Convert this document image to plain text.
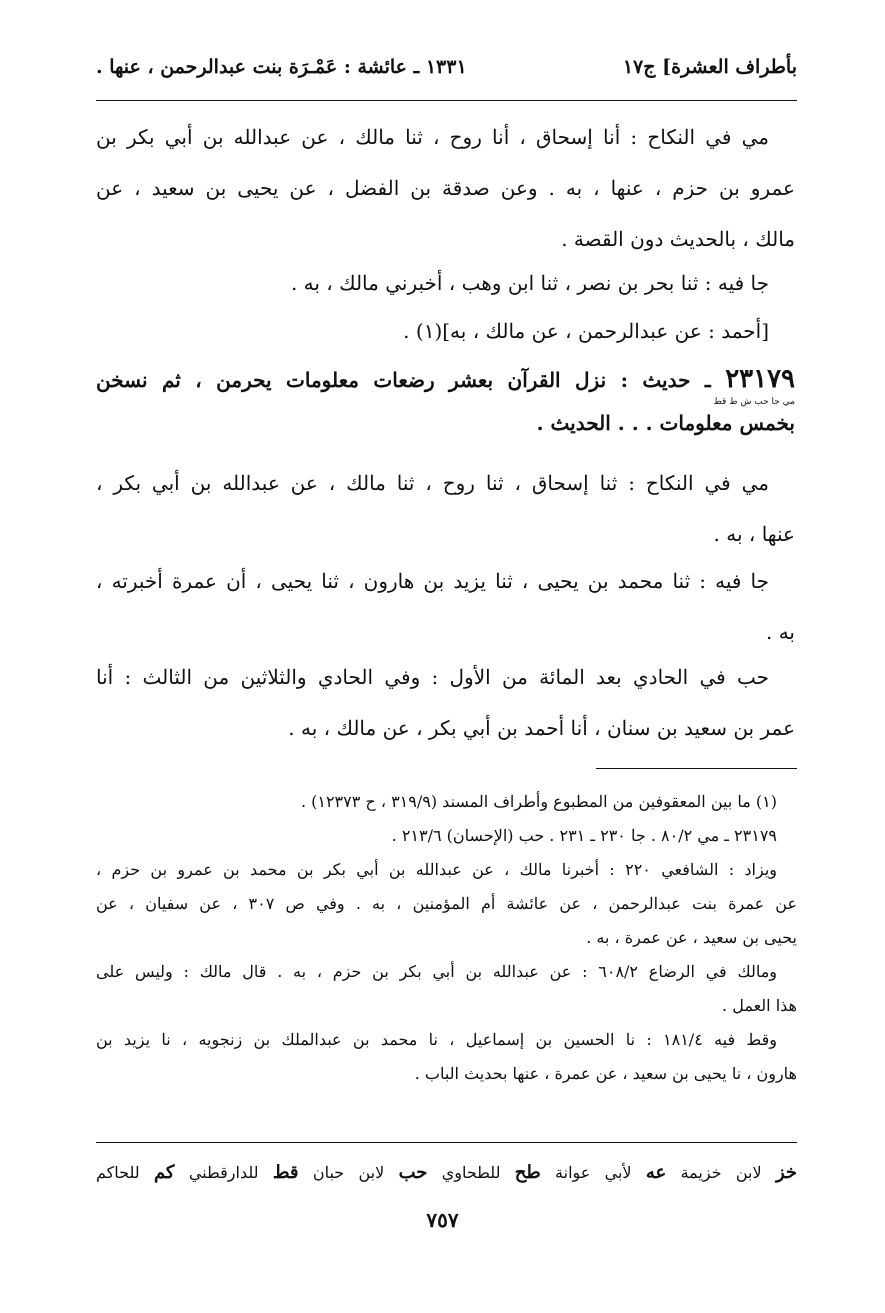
بأطراف العشرة] ج١٧
١٣٣١ ـ عائشة : عَمْـرَة بنت عبدالرحمن ، عنها .
مي في النكاح : أنا إسحاق ، أنا روح ، ثنا مالك ، عن عبدالله بن أبي بكر بن
عمرو بن حزم ، عنها ، به . وعن صدقة بن الفضل ، عن يحيى بن سعيد ، عن
مالك ، بالحديث دون القصة .
جا فيه : ثنا بحر بن نصر ، ثنا ابن وهب ، أخبرني مالك ، به .
[أحمد : عن عبدالرحمن ، عن مالك ، به](١) .
٢٣١٧٩ ـ حديث : نزل القرآن بعشر رضعات معلومات يحرمن ، ثم نسخن
مي جا حب ش ط قط
بخمس معلومات . . . الحديث .
مي في النكاح : ثنا إسحاق ، ثنا روح ، ثنا مالك ، عن عبدالله بن أبي بكر ،
عنها ، به .
جا فيه : ثنا محمد بن يحيى ، ثنا يزيد بن هارون ، ثنا يحيى ، أن عمرة أخبرته ،
به .
حب في الحادي بعد المائة من الأول : وفي الحادي والثلاثين من الثالث : أنا
عمر بن سعيد بن سنان ، أنا أحمد بن أبي بكر ، عن مالك ، به .
(١) ما بين المعقوفين من المطبوع وأطراف المسند (٣١٩/٩ ، ح ١٢٣٧٣) .
٢٣١٧٩ ـ مي ٨٠/٢ . جا ٢٣٠ ـ ٢٣١ . حب (الإحسان) ٢١٣/٦ .
ويزاد : الشافعي ٢٢٠ : أخبرنا مالك ، عن عبدالله بن أبي بكر بن محمد بن عمرو بن حزم ،
عن عمرة بنت عبدالرحمن ، عن عائشة أم المؤمنين ، به . وفي ص ٣٠٧ ، عن سفيان ، عن
يحيى بن سعيد ، عن عمرة ، به .
ومالك في الرضاع ٦٠٨/٢ : عن عبدالله بن أبي بكر بن حزم ، به . قال مالك : وليس على
هذا العمل .
وقط فيه ١٨١/٤ : نا الحسين بن إسماعيل ، نا محمد بن عبدالملك بن زنجويه ، نا يزيد بن
هارون ، نا يحيى بن سعيد ، عن عمرة ، عنها بحديث الباب .
خز لابن خزيمة عه لأبي عوانة طح للطحاوي حب لابن حبان قط للدارقطني كم للحاكم
٧٥٧
